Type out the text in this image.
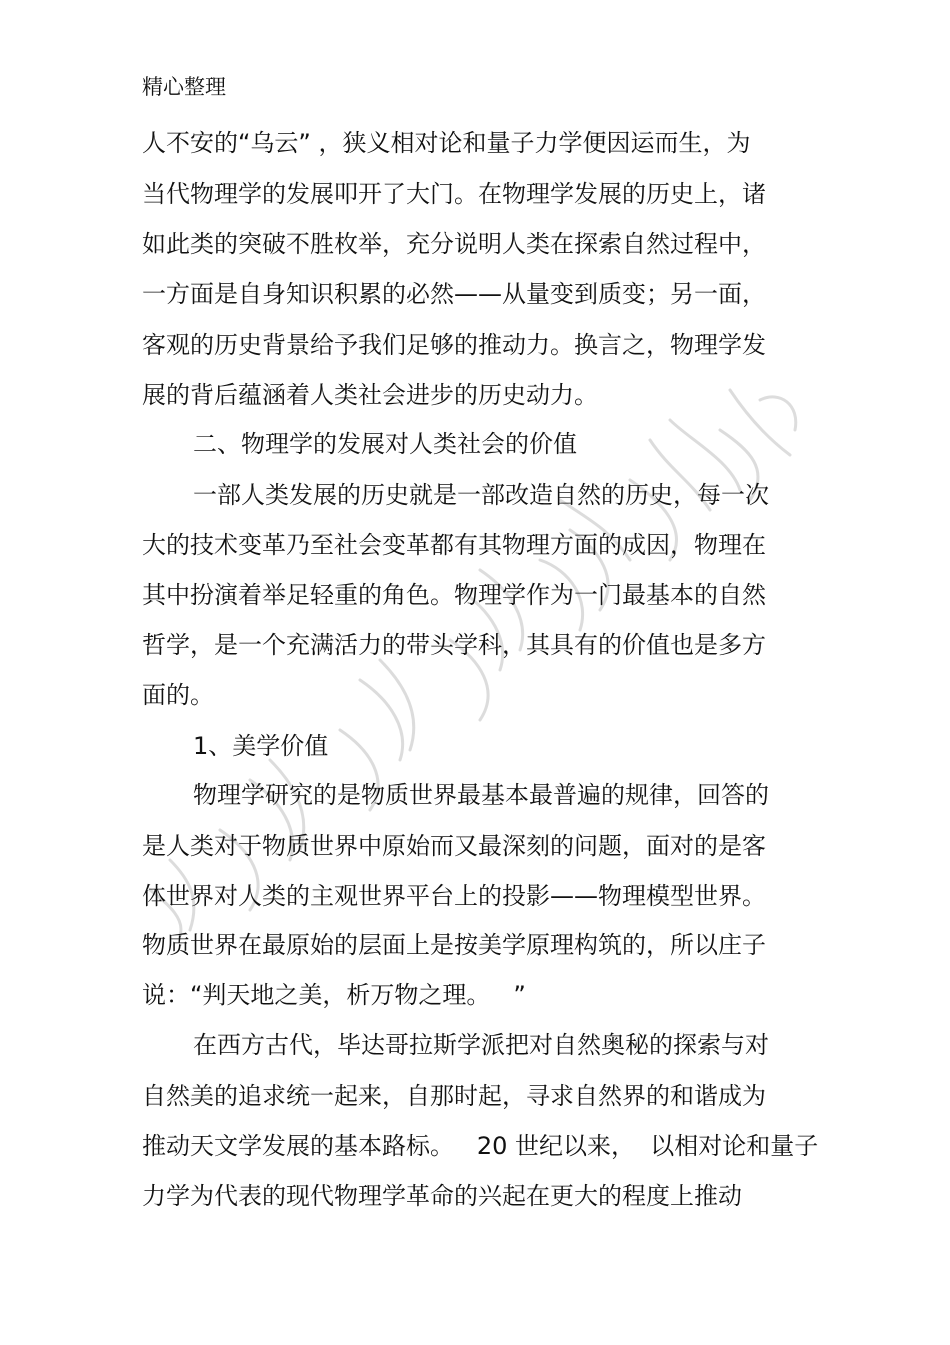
精心整理
人不安的“乌云” ，狭义相对论和量子力学便因运而生，为
当代物理学的发展叩开了大门。在物理学发展的历史上，诸
如此类的突破不胜枚举，充分说明人类在探索自然过程中，
一方面是自身知识积累的必然——从量变到质变；另一面，
客观的历史背景给予我们足够的推动力。换言之，物理学发
展的背后蕴涵着人类社会进步的历史动力。
二、物理学的发展对人类社会的价值
一部人类发展的历史就是一部改造自然的历史，每一次
大的技术变革乃至社会变革都有其物理方面的成因，物理在
其中扮演着举足轻重的角色。物理学作为一门最基本的自然
哲学，是一个充满活力的带头学科，其具有的价值也是多方
面的。
1、美学价值
物理学研究的是物质世界最基本最普遍的规律，回答的
是人类对于物质世界中原始而又最深刻的问题，面对的是客
体世界对人类的主观世界平台上的投影——物理模型世界。
物质世界在最原始的层面上是按美学原理构筑的，所以庄子
说：“判天地之美，析万物之理。   ”
在西方古代，毕达哥拉斯学派把对自然奥秘的探索与对
自然美的追求统一起来，自那时起，寻求自然界的和谐成为
推动天文学发展的基本路标。   20 世纪以来，  以相对论和量子
力学为代表的现代物理学革命的兴起在更大的程度上推动
